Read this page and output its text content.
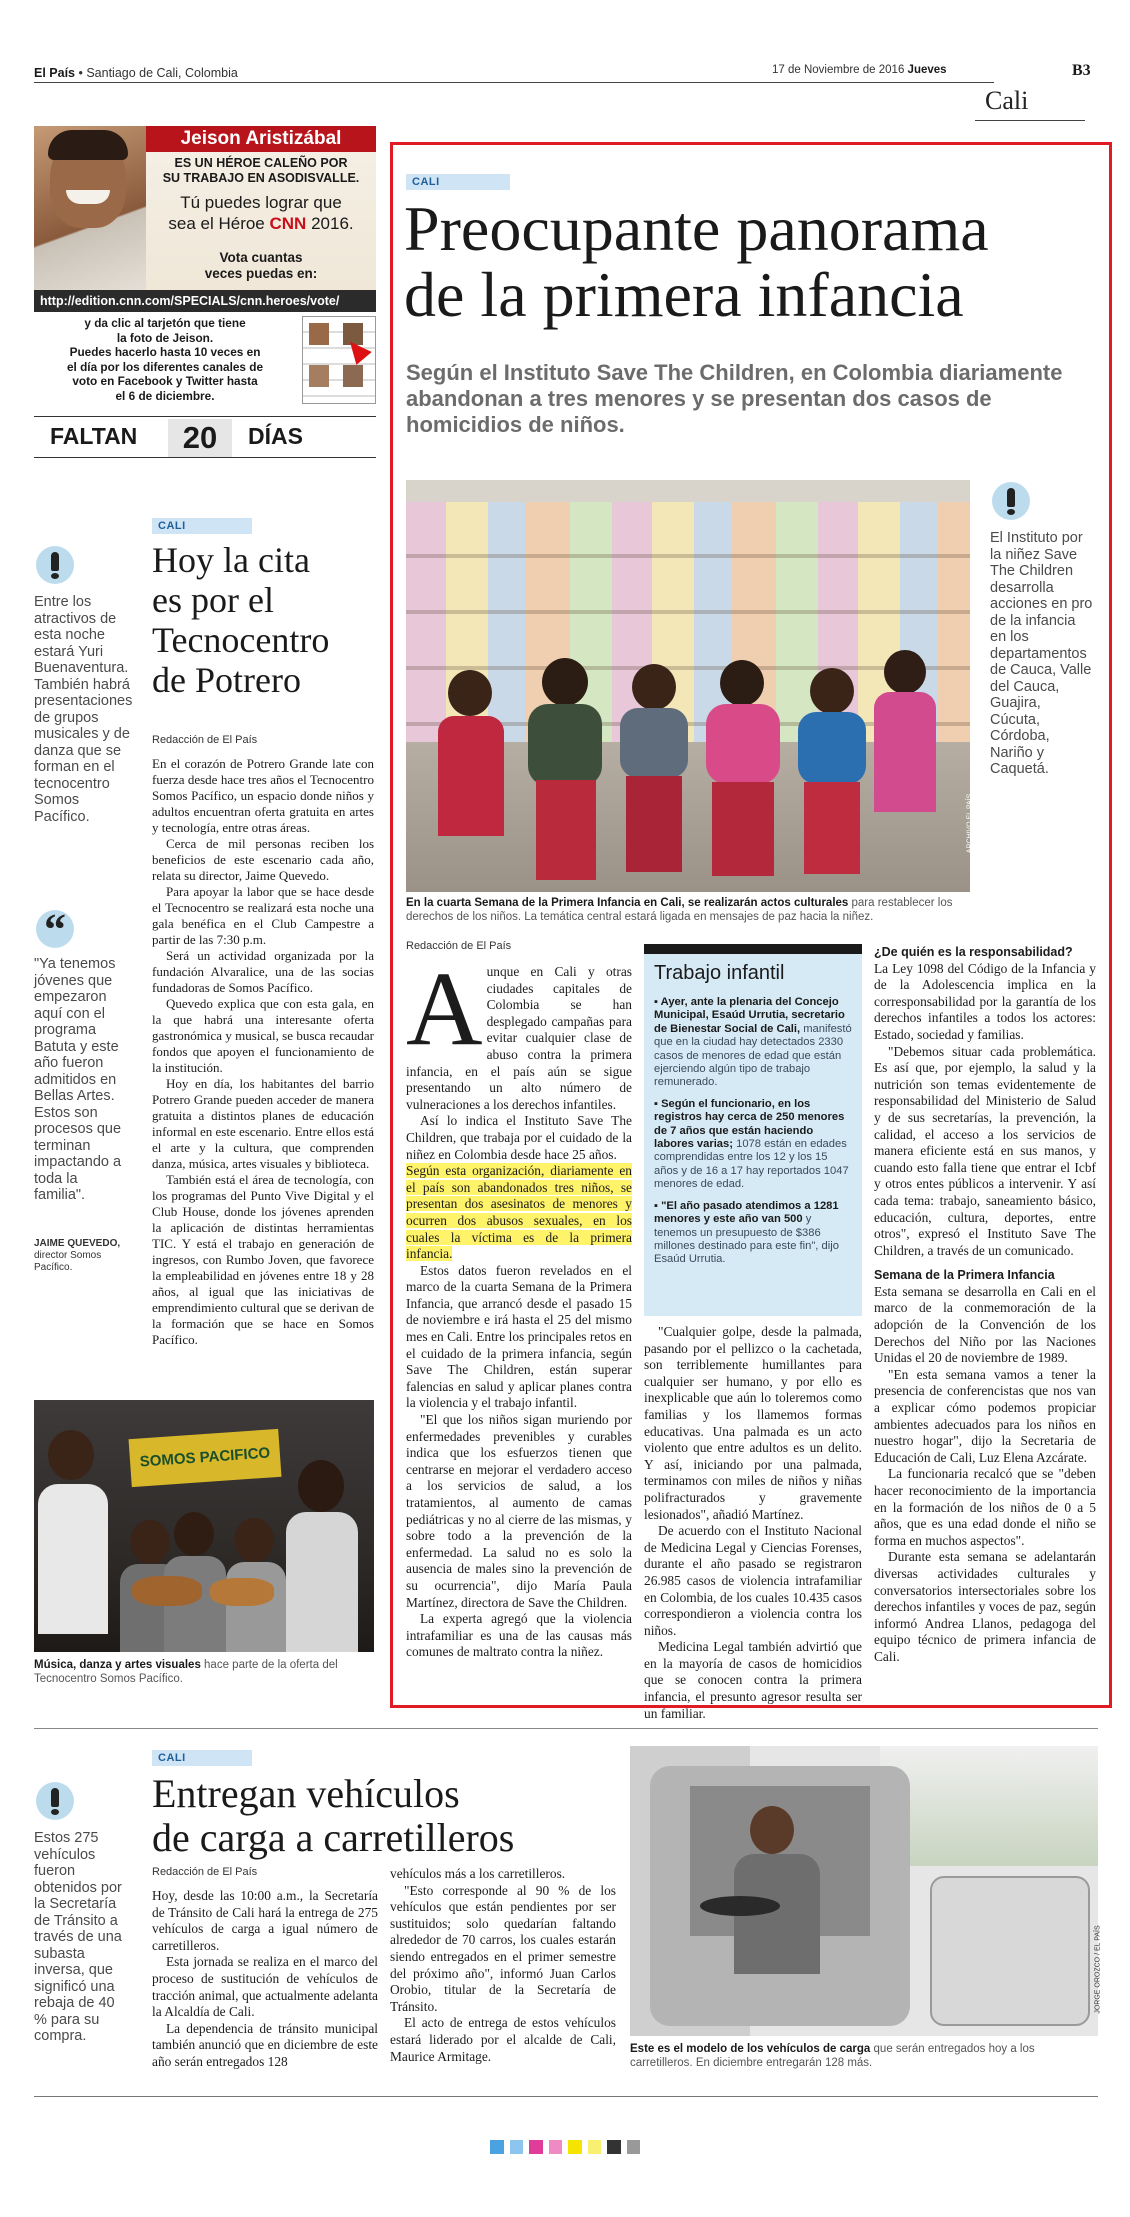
El País • Santiago de Cali, Colombia	17 de Noviembre de 2016 Jueves	B3
Cali
Jeison Aristizábal
ES UN HÉROE CALEÑO POR
SU TRABAJO EN ASODISVALLE.
Tú puedes lograr que
sea el Héroe CNN 2016.
Vota cuantas
veces puedas en:
http://edition.cnn.com/SPECIALS/cnn.heroes/vote/
y da clic al tarjetón que tiene
la foto de Jeison.
Puedes hacerlo hasta 10 veces en
el día por los diferentes canales de
voto en Facebook y Twitter hasta
el 6 de diciembre.
FALTAN	20	DÍAS
CALI
Hoy la cita
es por el
Tecnocentro
de Potrero
Redacción de El País

En el corazón de Potrero Grande late con fuerza desde hace tres años el Tecnocentro Somos Pacífico, un espacio donde niños y adultos encuentran oferta gratuita en artes y tecnología, entre otras áreas.

Cerca de mil personas reciben los beneficios de este escenario cada año, relata su director, Jaime Quevedo.

Para apoyar la labor que se hace desde el Tecnocentro se realizará esta noche una gala benéfica en el Club Campestre a partir de las 7:30 p.m.

Será un actividad organizada por la fundación Alvaralice, una de las socias fundadoras de Somos Pacífico.

Quevedo explica que con esta gala, en la que habrá una interesante oferta gastronómica y musical, se busca recaudar fondos que apoyen el funcionamiento de la institución.

Hoy en día, los habitantes del barrio Potrero Grande pueden acceder de manera gratuita a distintos planes de educación informal en este escenario. Entre ellos está el arte y la cultura, que comprenden danza, música, artes visuales y biblioteca.

También está el área de tecnología, con los programas del Punto Vive Digital y el Club House, donde los jóvenes aprenden la aplicación de distintas herramientas TIC. Y está el trabajo en generación de ingresos, con Rumbo Joven, que favorece la empleabilidad en jóvenes entre 18 y 28 años, al igual que las iniciativas de emprendimiento cultural que se derivan de la formación que se hace en Somos Pacífico.

Entre los atractivos de esta noche estará Yuri Buenaventura. También habrá presentaciones de grupos musicales y de danza que se forman en el tecnocentro Somos Pacífico.
“
"Ya tenemos jóvenes que empezaron aquí con el programa Batuta y este año fueron admitidos en Bellas Artes. Estos son procesos que terminan impactando a toda la familia".
JAIME QUEVEDO,
director Somos Pacífico.
SOMOS PACIFICO	ARCHIVO / EL PAÍS
Música, danza y artes visuales hace parte de la oferta del Tecnocentro Somos Pacífico.
CALI
Preocupante panorama
de la primera infancia
Según el Instituto Save The Children, en Colombia diariamente abandonan a tres menores y se presentan dos casos de homicidios de niños.
ARCHIVO EL PAÍS
En la cuarta Semana de la Primera Infancia en Cali, se realizarán actos culturales para restablecer los derechos de los niños. La temática central estará ligada en mensajes de paz hacia la niñez.
El Instituto por la niñez Save The Children desarrolla acciones en pro de la infancia en los departamentos de Cauca, Valle del Cauca, Guajira, Cúcuta, Córdoba, Nariño y Caquetá.
Redacción de El País
A unque en Cali y otras ciudades capitales de Colombia se han desplegado campañas para evitar cualquier clase de abuso contra la primera infancia, en el país aún se sigue presentando un alto número de vulneraciones a los derechos infantiles.

Así lo indica el Instituto Save The Children, que trabaja por el cuidado de la niñez en Colombia desde hace 25 años.

Según esta organización, diariamente en el país son abandonados tres niños, se presentan dos asesinatos de menores y ocurren dos abusos sexuales, en los cuales la víctima es de la primera infancia.

Estos datos fueron revelados en el marco de la cuarta Semana de la Primera Infancia, que arrancó desde el pasado 15 de noviembre e irá hasta el 25 del mismo mes en Cali. Entre los principales retos en el cuidado de la primera infancia, según Save The Children, están superar falencias en salud y aplicar planes contra la violencia y el trabajo infantil.

"El que los niños sigan muriendo por enfermedades prevenibles y curables indica que los esfuerzos tienen que centrarse en mejorar el verdadero acceso a los servicios de salud, a los tratamientos, al aumento de camas pediátricas y no al cierre de las mismas, y sobre todo a la prevención de la enfermedad. La salud no es solo la ausencia de males sino la prevención de su ocurrencia", dijo María Paula Martínez, directora de Save the Children.

La experta agregó que la violencia intrafamiliar es una de las causas más comunes de maltrato contra la niñez.

Trabajo infantil

▪ Ayer, ante la plenaria del Concejo Municipal, Esaúd Urrutia, secretario de Bienestar Social de Cali, manifestó que en la ciudad hay detectados 2330 casos de menores de edad que están ejerciendo algún tipo de trabajo remunerado.

▪ Según el funcionario, en los registros hay cerca de 250 menores de 7 años que están haciendo labores varias; 1078 están en edades comprendidas entre los 12 y los 15 años y de 16 a 17 hay reportados 1047 menores de edad.

▪ "El año pasado atendimos a 1281 menores y este año van 500 y tenemos un presupuesto de $386 millones destinado para este fin", dijo Esaúd Urrutia.

"Cualquier golpe, desde la palmada, pasando por el pellizco o la cachetada, son terriblemente humillantes para cualquier ser humano, y por ello es inexplicable que aún lo toleremos como familias y los llamemos formas educativas. Una palmada es un acto violento que entre adultos es un delito. Y así, iniciando por una palmada, terminamos con miles de niños y niñas polifracturados y gravemente lesionados", añadió Martínez.

De acuerdo con el Instituto Nacional de Medicina Legal y Ciencias Forenses, durante el año pasado se registraron 26.985 casos de violencia intrafamiliar en Colombia, de los cuales 10.435 casos correspondieron a violencia contra los niños.

Medicina Legal también advirtió que en la mayoría de casos de homicidios que se conocen contra la primera infancia, el presunto agresor resulta ser un familiar.

¿De quién es la responsabilidad?

La Ley 1098 del Código de la Infancia y de la Adolescencia implica en la corresponsabilidad por la garantía de los derechos infantiles a todos los actores: Estado, sociedad y familias.

"Debemos situar cada problemática. Es así que, por ejemplo, la salud y la nutrición son temas evidentemente de responsabilidad del Ministerio de Salud y de sus secretarías, la prevención, la calidad, el acceso a los servicios de manera eficiente está en sus manos, y cuando esto falla tiene que entrar el Icbf y otros entes públicos a intervenir. Y así cada tema: trabajo, saneamiento básico, educación, cultura, deportes, entre otros", expresó el Instituto Save The Children, a través de un comunicado.

Semana de la Primera Infancia

Esta semana se desarrolla en Cali en el marco de la conmemoración de la adopción de la Convención de los Derechos del Niño por las Naciones Unidas el 20 de noviembre de 1989.

"En esta semana vamos a tener la presencia de conferencistas que nos van a explicar cómo podemos propiciar ambientes adecuados para los niños en nuestro hogar", dijo la Secretaria de Educación de Cali, Luz Elena Azcárate.

La funcionaria recalcó que se "deben hacer reconocimiento de la importancia en la formación de los niños de 0 a 5 años, que es una edad donde el niño se forma en muchos aspectos".

Durante esta semana se adelantarán diversas actividades culturales y conversatorios intersectoriales sobre los derechos infantiles y voces de paz, según informó Andrea Llanos, pedagoga del equipo técnico de primera infancia de Cali.

CALI
Entregan vehículos
de carga a carretilleros
Redacción de El País

Hoy, desde las 10:00 a.m., la Secretaría de Tránsito de Cali hará la entrega de 275 vehículos de carga a igual número de carretilleros.

Esta jornada se realiza en el marco del proceso de sustitución de vehículos de tracción animal, que actualmente adelanta la Alcaldía de Cali.

La dependencia de tránsito municipal también anunció que en diciembre de este año serán entregados 128

vehículos más a los carretilleros.

"Esto corresponde al 90 % de los vehículos que están pendientes por ser sustituidos; solo quedarían faltando alrededor de 70 carros, los cuales estarán siendo entregados en el primer semestre del próximo año", informó Juan Carlos Orobio, titular de la Secretaría de Tránsito.

El acto de entrega de estos vehículos estará liderado por el alcalde de Cali, Maurice Armitage.

Estos 275 vehículos fueron obtenidos por la Secretaría de Tránsito a través de una subasta inversa, que significó una rebaja de 40 % para su compra.
JORGE OROZCO / EL PAÍS
Este es el modelo de los vehículos de carga que serán entregados hoy a los carretilleros. En diciembre entregarán 128 más.
